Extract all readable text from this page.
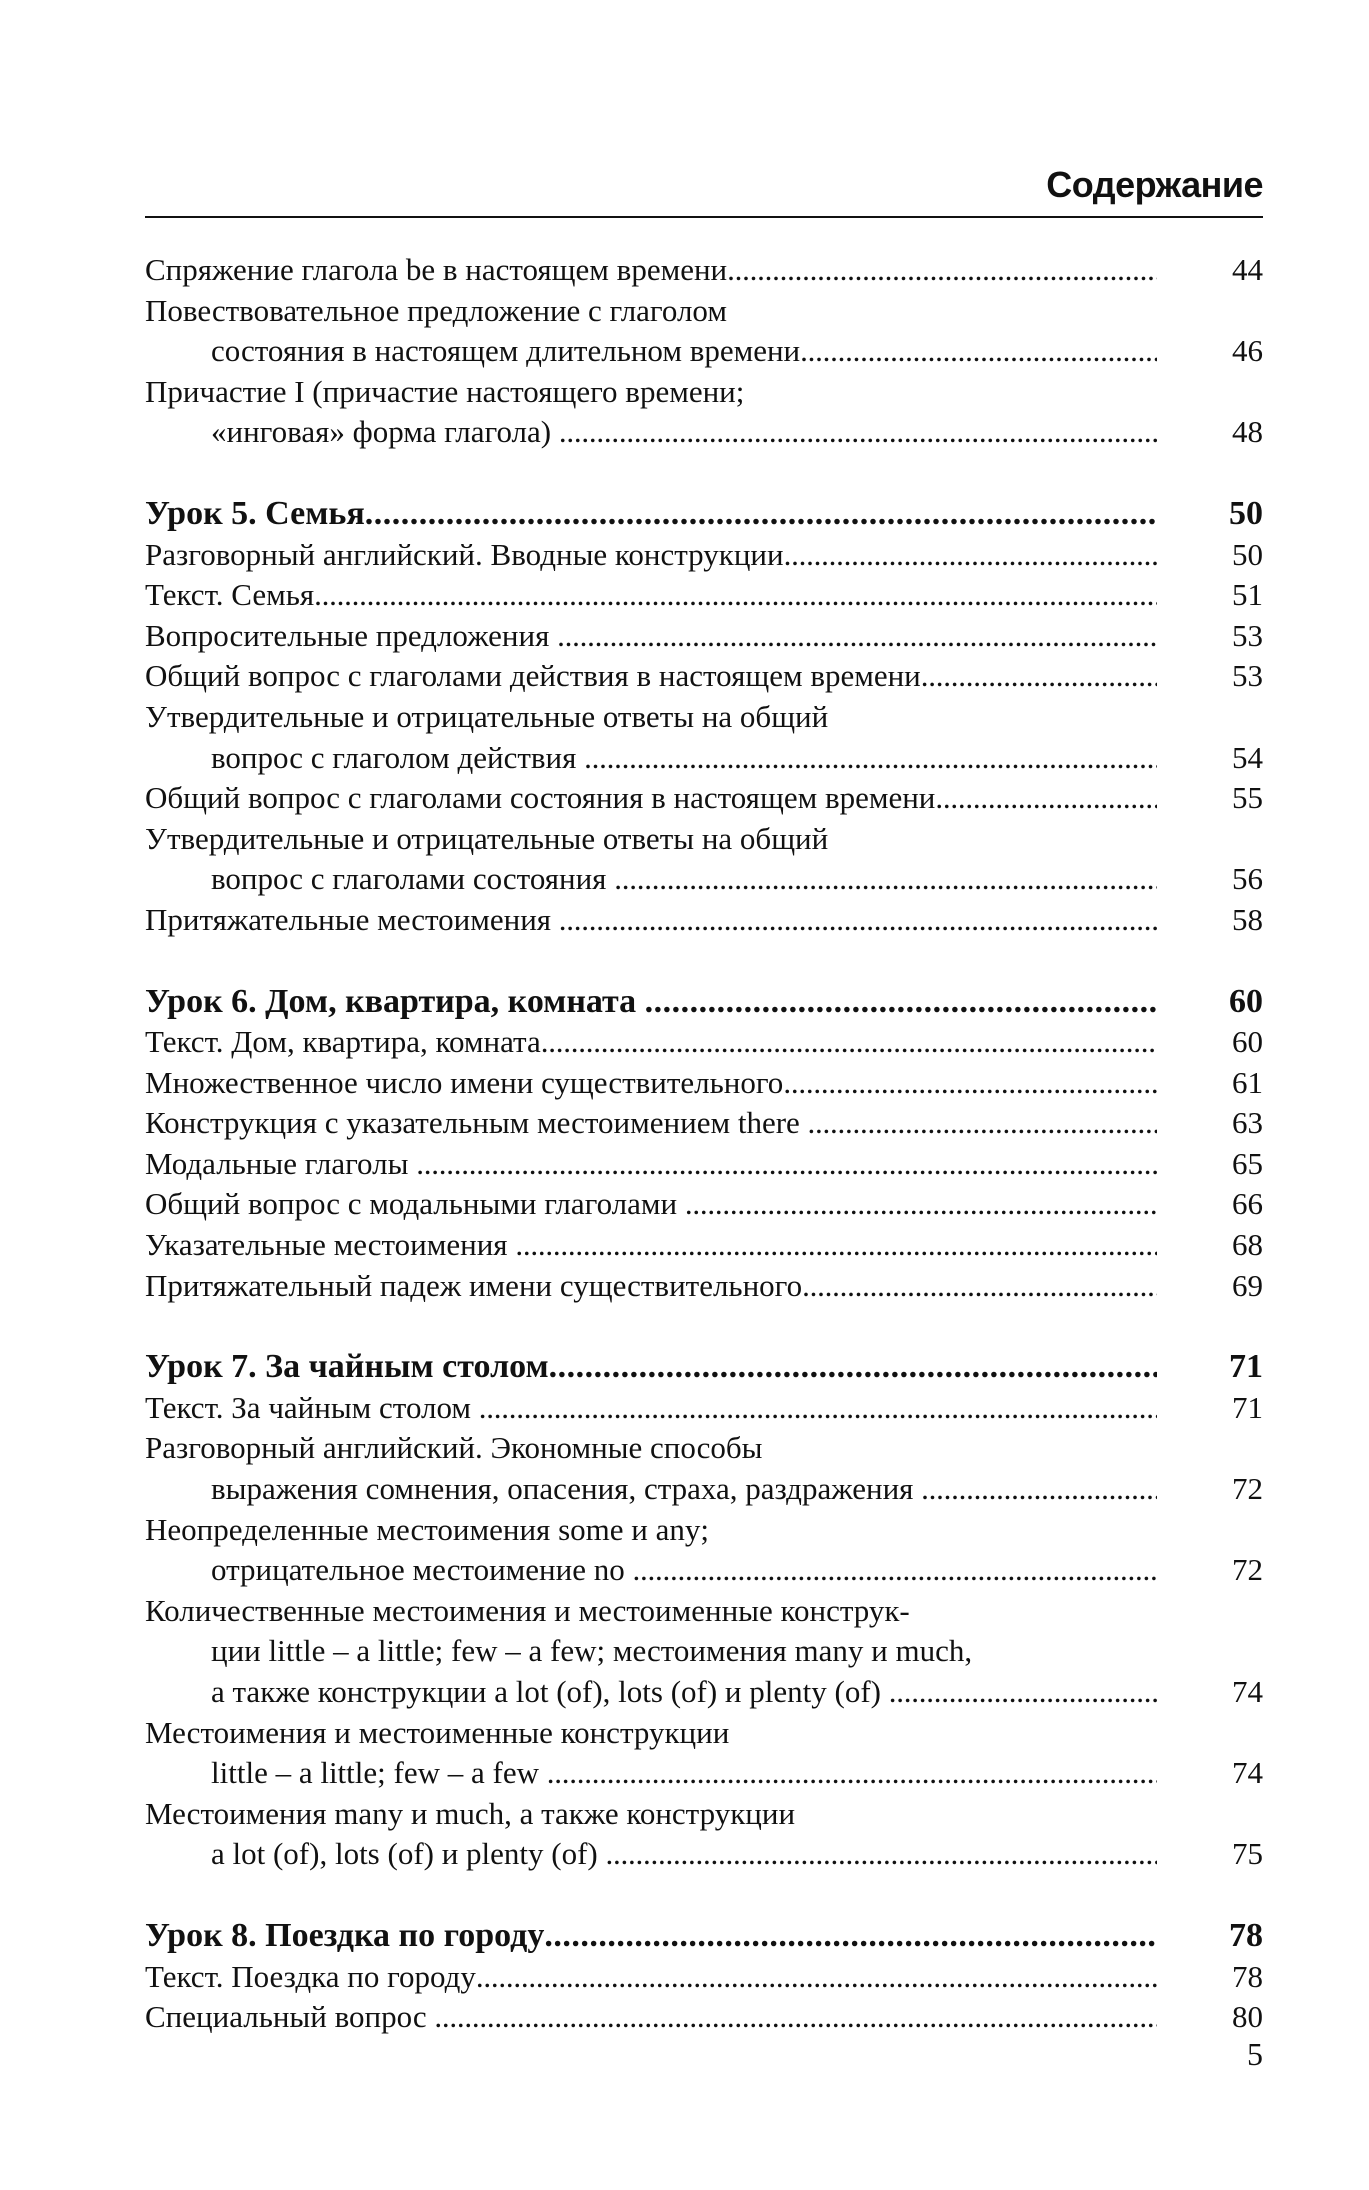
Содержание
Спряжение глагола be в настоящем времени . . .	44
Повествовательное предложение с глаголом
состояния в настоящем длительном времени . . .	46
Причастие I (причастие настоящего времени;
«инговая» форма глагола) . . .	48
Урок 5. Семья . . .	50
Разговорный английский. Вводные конструкции . . .	50
Текст. Семья . . .	51
Вопросительные предложения . . .	53
Общий вопрос с глаголами действия в настоящем времени . . .	53
Утвердительные и отрицательные ответы на общий
вопрос с глаголом действия . . .	54
Общий вопрос с глаголами состояния в настоящем времени . . .	55
Утвердительные и отрицательные ответы на общий
вопрос с глаголами состояния . . .	56
Притяжательные местоимения . . .	58
Урок 6. Дом, квартира, комната . . .	60
Текст. Дом, квартира, комната . . .	60
Множественное число имени существительного . . .	61
Конструкция с указательным местоимением there . . .	63
Модальные глаголы . . .	65
Общий вопрос с модальными глаголами . . .	66
Указательные местоимения . . .	68
Притяжательный падеж имени существительного . . .	69
Урок 7. За чайным столом . . .	71
Текст. За чайным столом . . .	71
Разговорный английский. Экономные способы
выражения сомнения, опасения, страха, раздражения . . .	72
Неопределенные местоимения some и any;
отрицательное местоимение no . . .	72
Количественные местоимения и местоименные конструк-
ции little – a little; few – a few; местоимения many и much,
а также конструкции a lot (of), lots (of) и plenty (of) . . .	74
Местоимения и местоименные конструкции
little – a little; few – a few . . .	74
Местоимения many и much, а также конструкции
a lot (of), lots (of) и plenty (of) . . .	75
Урок 8. Поездка по городу . . .	78
Текст. Поездка по городу . . .	78
Специальный вопрос . . .	80
5
